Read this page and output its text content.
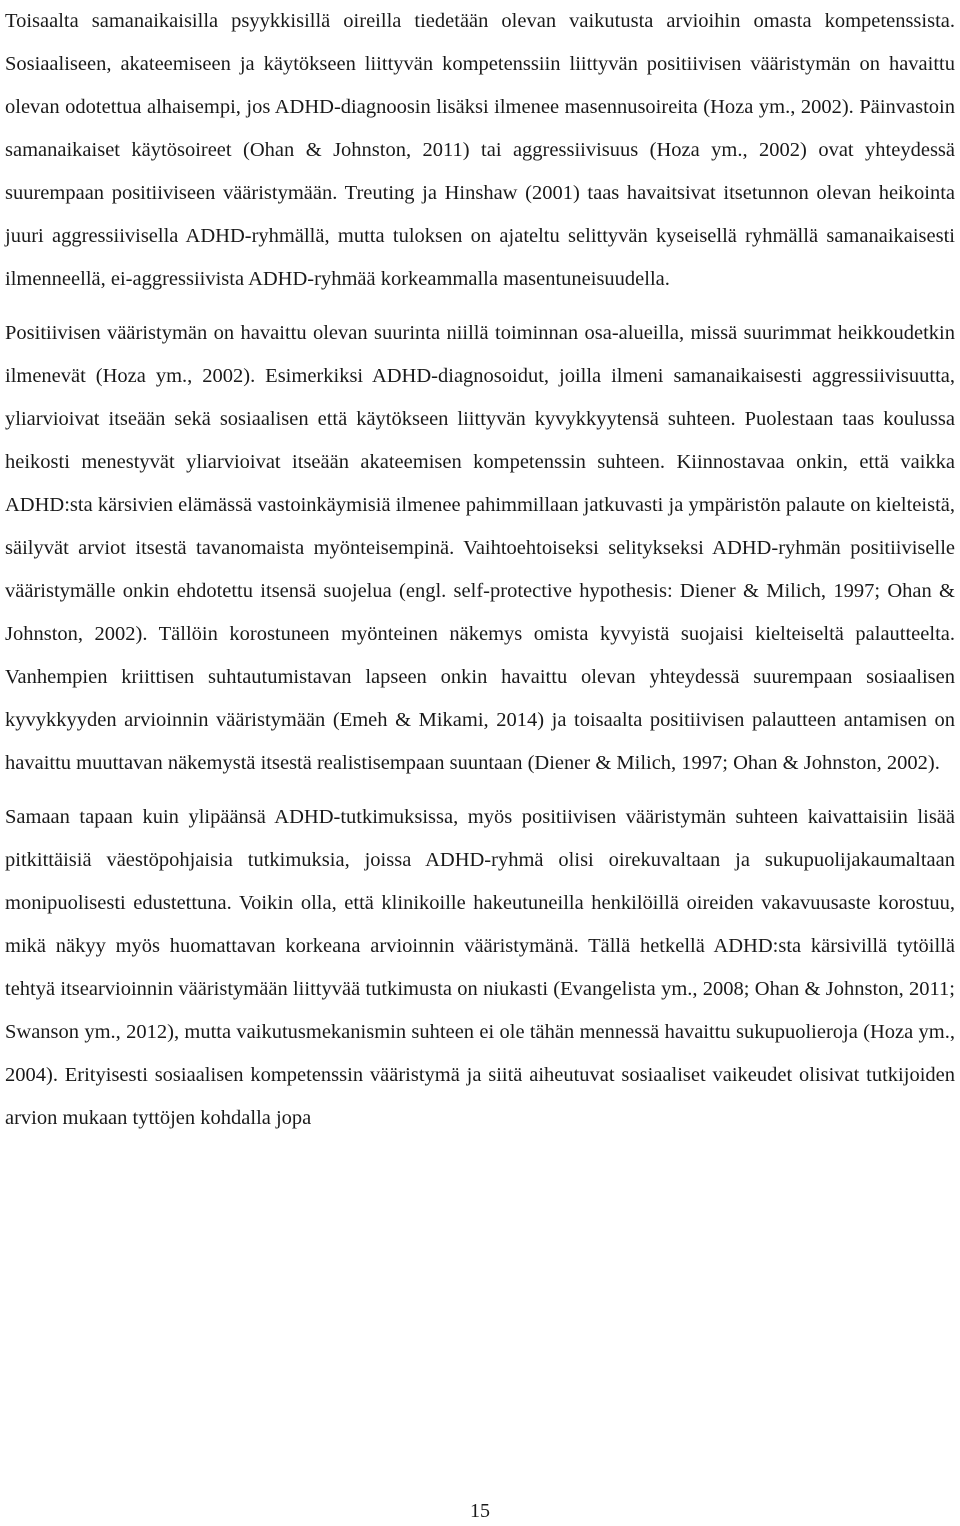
Toisaalta samanaikaisilla psyykkisillä oireilla tiedetään olevan vaikutusta arvioihin omasta kompetenssista. Sosiaaliseen, akateemiseen ja käytökseen liittyvän kompetenssiin liittyvän positiivisen vääristymän on havaittu olevan odotettua alhaisempi, jos ADHD-diagnoosin lisäksi ilmenee masennusoireita (Hoza ym., 2002). Päinvastoin samanaikaiset käytösoireet (Ohan & Johnston, 2011) tai aggressiivisuus (Hoza ym., 2002) ovat yhteydessä suurempaan positiiviseen vääristymään. Treuting ja Hinshaw (2001) taas havaitsivat itsetunnon olevan heikointa juuri aggressiivisella ADHD-ryhmällä, mutta tuloksen on ajateltu selittyvän kyseisellä ryhmällä samanaikaisesti ilmenneellä, ei-aggressiivista ADHD-ryhmää korkeammalla masentuneisuudella.

Positiivisen vääristymän on havaittu olevan suurinta niillä toiminnan osa-alueilla, missä suurimmat heikkoudetkin ilmenevät (Hoza ym., 2002). Esimerkiksi ADHD-diagnosoidut, joilla ilmeni samanaikaisesti aggressiivisuutta, yliarvioivat itseään sekä sosiaalisen että käytökseen liittyvän kyvykkyytensä suhteen. Puolestaan taas koulussa heikosti menestyvät yliarvioivat itseään akateemisen kompetenssin suhteen. Kiinnostavaa onkin, että vaikka ADHD:sta kärsivien elämässä vastoinkäymisiä ilmenee pahimmillaan jatkuvasti ja ympäristön palaute on kielteistä, säilyvät arviot itsestä tavanomaista myönteisempinä. Vaihtoehtoiseksi selitykseksi ADHD-ryhmän positiiviselle vääristymälle onkin ehdotettu itsensä suojelua (engl. self-protective hypothesis: Diener & Milich, 1997; Ohan & Johnston, 2002). Tällöin korostuneen myönteinen näkemys omista kyvyistä suojaisi kielteiseltä palautteelta. Vanhempien kriittisen suhtautumistavan lapseen onkin havaittu olevan yhteydessä suurempaan sosiaalisen kyvykkyyden arvioinnin vääristymään (Emeh & Mikami, 2014) ja toisaalta positiivisen palautteen antamisen on havaittu muuttavan näkemystä itsestä realistisempaan suuntaan (Diener & Milich, 1997; Ohan & Johnston, 2002).

Samaan tapaan kuin ylipäänsä ADHD-tutkimuksissa, myös positiivisen vääristymän suhteen kaivattaisiin lisää pitkittäisiä väestöpohjaisia tutkimuksia, joissa ADHD-ryhmä olisi oirekuvaltaan ja sukupuolijakaumaltaan monipuolisesti edustettuna. Voikin olla, että klinikoille hakeutuneilla henkilöillä oireiden vakavuusaste korostuu, mikä näkyy myös huomattavan korkeana arvioinnin vääristymänä. Tällä hetkellä ADHD:sta kärsivillä tytöillä tehtyä itsearvioinnin vääristymään liittyvää tutkimusta on niukasti (Evangelista ym., 2008; Ohan & Johnston, 2011; Swanson ym., 2012), mutta vaikutusmekanismin suhteen ei ole tähän mennessä havaittu sukupuolieroja (Hoza ym., 2004). Erityisesti sosiaalisen kompetenssin vääristymä ja siitä aiheutuvat sosiaaliset vaikeudet olisivat tutkijoiden arvion mukaan tyttöjen kohdalla jopa

15
